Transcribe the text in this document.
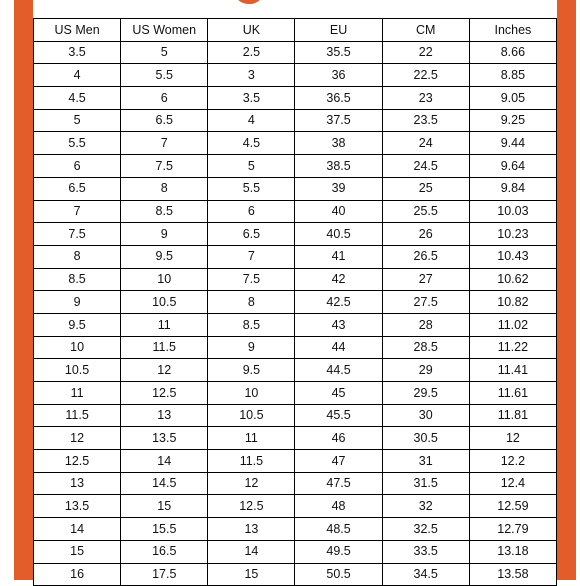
US Men	US Women	UK	EU	CM	Inches
3.5	5	2.5	35.5	22	8.66
4	5.5	3	36	22.5	8.85
4.5	6	3.5	36.5	23	9.05
5	6.5	4	37.5	23.5	9.25
5.5	7	4.5	38	24	9.44
6	7.5	5	38.5	24.5	9.64
6.5	8	5.5	39	25	9.84
7	8.5	6	40	25.5	10.03
7.5	9	6.5	40.5	26	10.23
8	9.5	7	41	26.5	10.43
8.5	10	7.5	42	27	10.62
9	10.5	8	42.5	27.5	10.82
9.5	11	8.5	43	28	11.02
10	11.5	9	44	28.5	11.22
10.5	12	9.5	44.5	29	11.41
11	12.5	10	45	29.5	11.61
11.5	13	10.5	45.5	30	11.81
12	13.5	11	46	30.5	12
12.5	14	11.5	47	31	12.2
13	14.5	12	47.5	31.5	12.4
13.5	15	12.5	48	32	12.59
14	15.5	13	48.5	32.5	12.79
15	16.5	14	49.5	33.5	13.18
16	17.5	15	50.5	34.5	13.58
